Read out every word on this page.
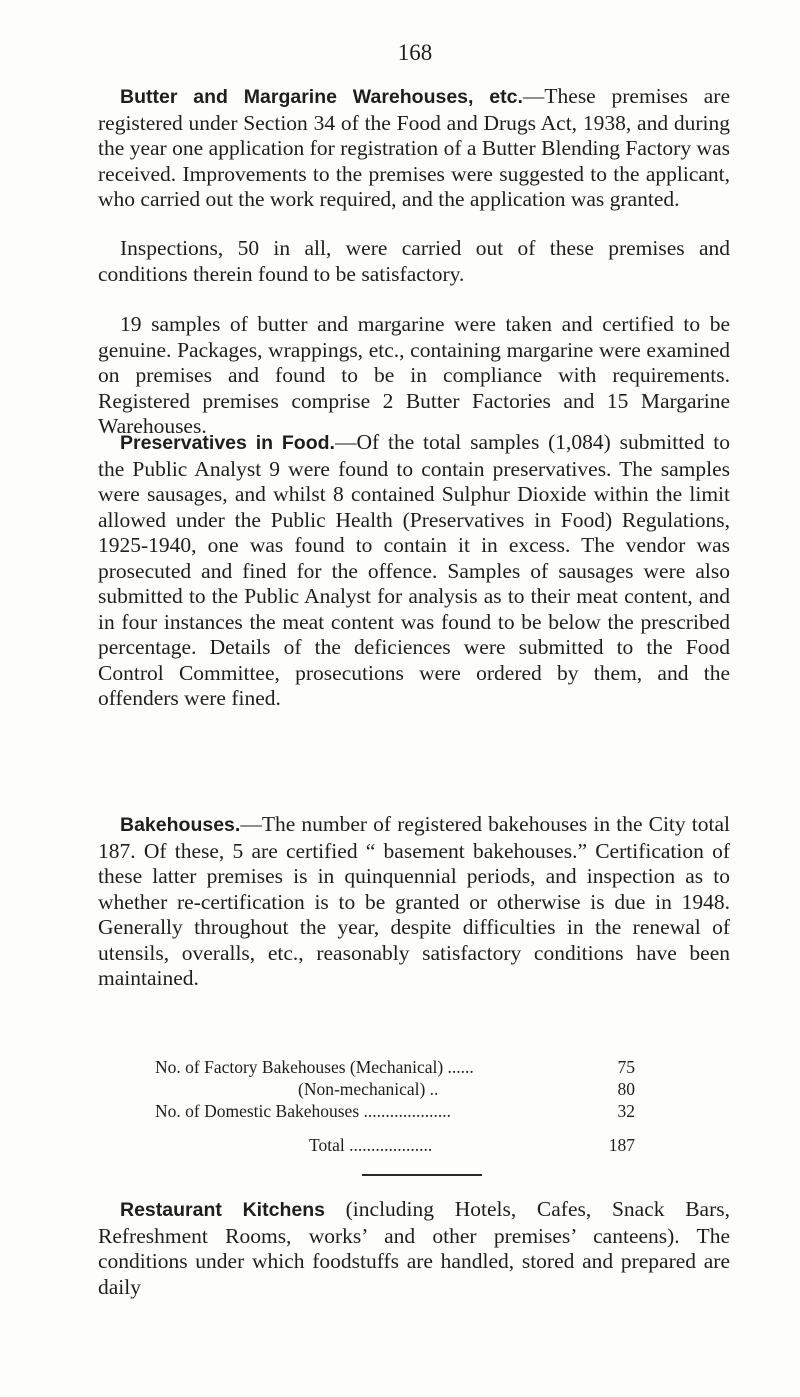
168

Butter and Margarine Warehouses, etc.—These premises are registered under Section 34 of the Food and Drugs Act, 1938, and during the year one application for registration of a Butter Blending Factory was received. Improvements to the premises were suggested to the applicant, who carried out the work required, and the application was granted.

Inspections, 50 in all, were carried out of these premises and conditions therein found to be satisfactory.

19 samples of butter and margarine were taken and certified to be genuine. Packages, wrappings, etc., containing margarine were examined on premises and found to be in compliance with requirements. Registered premises comprise 2 Butter Factories and 15 Margarine Warehouses.

Preservatives in Food.—Of the total samples (1,084) submitted to the Public Analyst 9 were found to contain preservatives. The samples were sausages, and whilst 8 contained Sulphur Dioxide within the limit allowed under the Public Health (Preservatives in Food) Regulations, 1925-1940, one was found to contain it in excess. The vendor was prosecuted and fined for the offence. Samples of sausages were also submitted to the Public Analyst for analysis as to their meat content, and in four instances the meat content was found to be below the prescribed percentage. Details of the deficiences were submitted to the Food Control Committee, prosecutions were ordered by them, and the offenders were fined.

Bakehouses.—The number of registered bakehouses in the City total 187. Of these, 5 are certified “ basement bakehouses.” Certification of these latter premises is in quinquennial periods, and inspection as to whether re-certification is to be granted or otherwise is due in 1948. Generally throughout the year, despite difficulties in the renewal of utensils, overalls, etc., reasonably satisfactory conditions have been maintained.

No. of Factory Bakehouses (Mechanical) ......	75
(Non-mechanical) ..	80
No. of Domestic Bakehouses ....................	32
Total ...................	187

Restaurant Kitchens (including Hotels, Cafes, Snack Bars, Refreshment Rooms, works’ and other premises’ canteens). The conditions under which foodstuffs are handled, stored and prepared are daily
